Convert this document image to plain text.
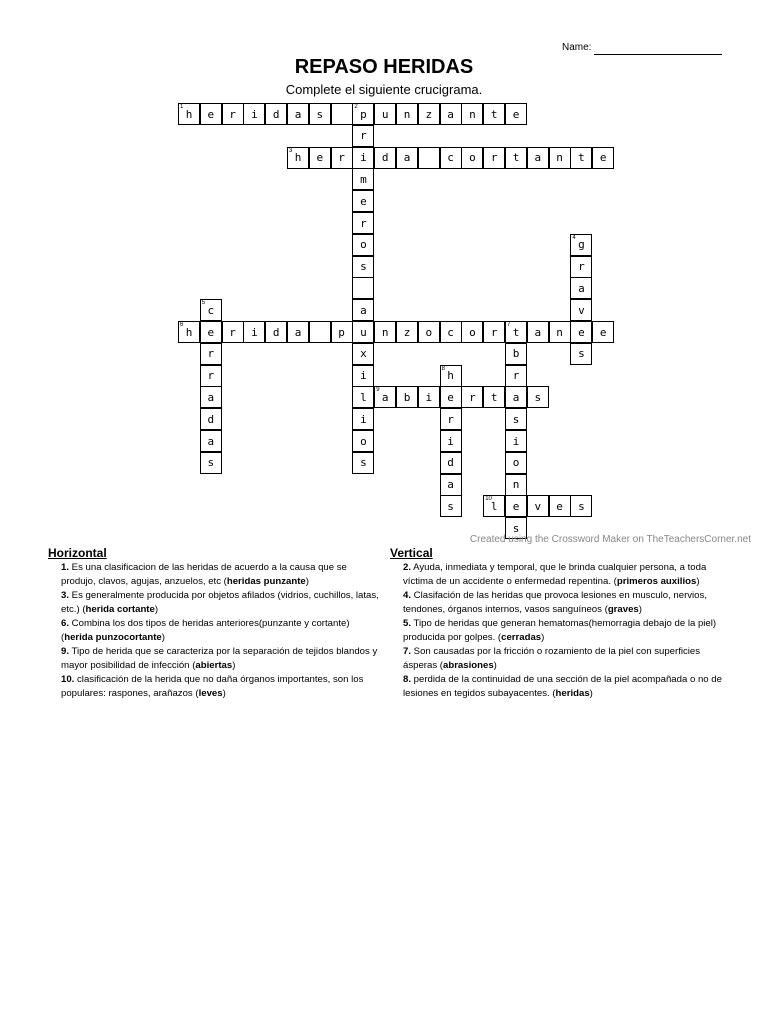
Name:
REPASO HERIDAS
Complete el siguiente crucigrama.
1
h e r i d a s
2
p u n z a n t e
r
i
m
e
r
o
s
a
u
x
i
l
i
o
s
3
h e r	d a	c o r t a n t e
4
g
r
a
v
e
s
5
c
e
r
r
a
d
a
s
6
h	r i d a	p	n z o c o r
7
t a n	e
b
r
a
s
i
o
n
e
s
8
h
e
r
i
d
a
s
9
a b i	r t	s
10
l	v e s
Created using the Crossword Maker on TheTeachersCorner.net
Horizontal
1. Es una clasificacion de las heridas de acuerdo a la causa que se produjo, clavos, agujas, anzuelos, etc (heridas punzante)
3. Es generalmente producida por objetos afilados (vidrios, cuchillos, latas, etc.) (herida cortante)
6. Combina los dos tipos de heridas anteriores(punzante y cortante) (herida punzocortante)
9. Tipo de herida que se caracteriza por la separación de tejidos blandos y mayor posibilidad de infección (abiertas)
10. clasificación de la herida que no daña órganos importantes, son los populares: raspones, arañazos (leves)
Vertical
2. Ayuda, inmediata y temporal, que le brinda cualquier persona, a toda víctima de un accidente o enfermedad repentina. (primeros auxilios)
4. Clasifación de las heridas que provoca lesiones en musculo, nervios, tendones, órganos internos, vasos sanguíneos (graves)
5. Tipo de heridas que generan hematomas(hemorragia debajo de la piel) producida por golpes. (cerradas)
7. Son causadas por la fricción o rozamiento de la piel con superficies ásperas (abrasiones)
8. perdida de la continuidad de una sección de la piel acompañada o no de lesiones en tegidos subayacentes. (heridas)
